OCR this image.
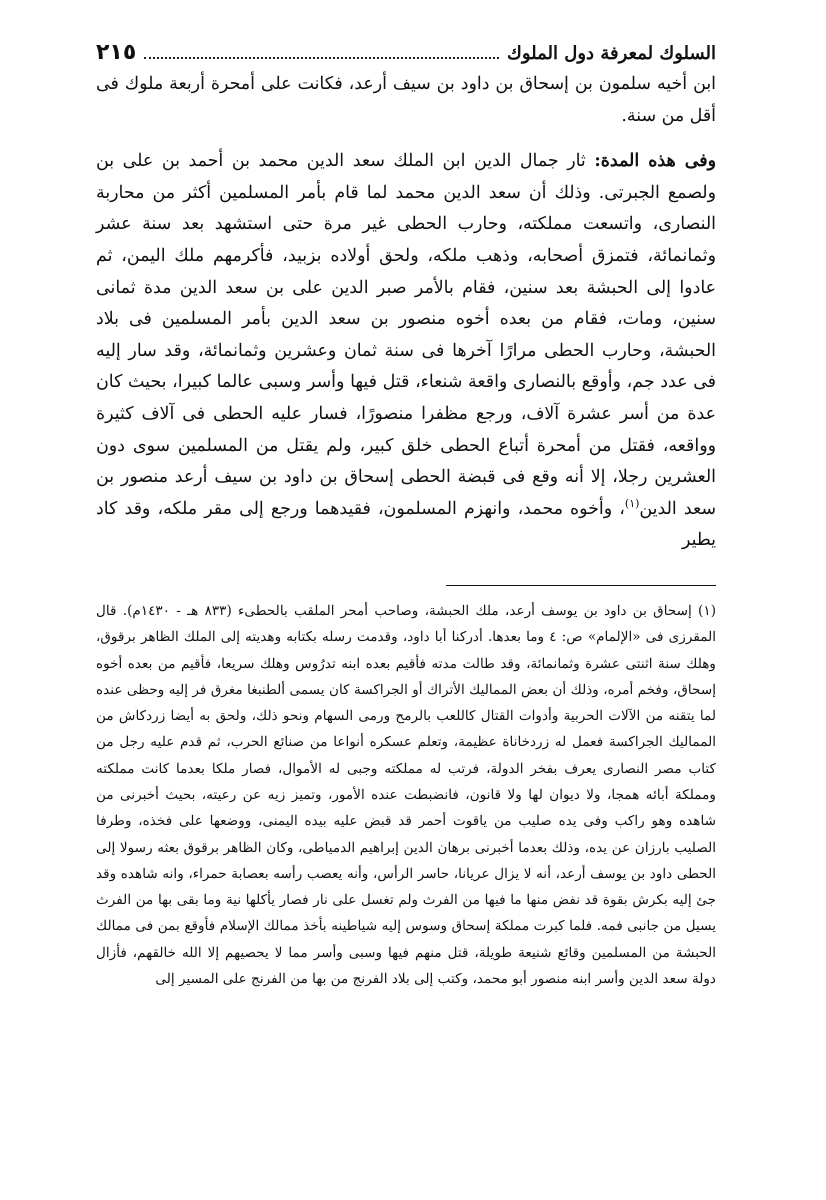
السلوك لمعرفة دول الملوك
٢١٥

ابن أخيه سلمون بن إسحاق بن داود بن سيف أرعد، فكانت على أمحرة أربعة ملوك فى أقل من سنة.

وفى هذه المدة: ثار جمال الدين ابن الملك سعد الدين محمد بن أحمد بن على بن ولصمع الجبرتى. وذلك أن سعد الدين محمد لما قام بأمر المسلمين أكثر من محاربة النصارى، واتسعت مملكته، وحارب الحطى غير مرة حتى استشهد بعد سنة عشر وثمانمائة، فتمزق أصحابه، وذهب ملكه، ولحق أولاده بزبيد، فأكرمهم ملك اليمن، ثم عادوا إلى الحبشة بعد سنين، فقام بالأمر صبر الدين على بن سعد الدين مدة ثمانى سنين، ومات، فقام من بعده أخوه منصور بن سعد الدين بأمر المسلمين فى بلاد الحبشة، وحارب الحطى مرارًا آخرها فى سنة ثمان وعشرين وثمانمائة، وقد سار إليه فى عدد جم، وأوقع بالنصارى واقعة شنعاء، قتل فيها وأسر وسبى عالما كبيرا، بحيث كان عدة من أسر عشرة آلاف، ورجع مظفرا منصورًا، فسار عليه الحطى فى آلاف كثيرة وواقعه، فقتل من أمحرة أتباع الحطى خلق كبير، ولم يقتل من المسلمين سوى دون العشرين رجلا، إلا أنه وقع فى قبضة الحطى إسحاق بن داود بن سيف أرعد منصور بن سعد الدين$^{(١)}$، وأخوه محمد، وانهزم المسلمون، فقيدهما ورجع إلى مقر ملكه، وقد كاد يطير

(١) إسحاق بن داود بن يوسف أرعد، ملك الحبشة، وصاحب أمحر الملقب بالحطىء (٨٣٣ هـ - ١٤٣٠م). قال المقرزى فى «الإلمام» ص: ٤ وما بعدها. أدركنا أبا داود، وقدمت رسله بكتابه وهديته إلى الملك الظاهر برقوق، وهلك سنة اثنتى عشرة وثمانمائة، وقد طالت مدته فأقيم بعده ابنه تدرُوس وهلك سريعا، فأقيم من بعده أخوه إسحاق، وفخم أمره، وذلك أن بعض المماليك الأتراك أو الجراكسة كان يسمى ألطنبغا مغرق فر إليه وحظى عنده لما يتقنه من الآلات الحربية وأدوات القتال كاللعب بالرمح ورمى السهام ونحو ذلك، ولحق به أيضا زردكاش من المماليك الجراكسة فعمل له زردخاناة عظيمة، وتعلم عسكره أنواعا من صنائع الحرب، ثم قدم عليه رجل من كتاب مصر النصارى يعرف بفخر الدولة، فرتب له مملكته وجبى له الأموال، فصار ملكا بعدما كانت مملكته ومملكة أبائه همجا، ولا ديوان لها ولا قانون، فانضبطت عنده الأمور، وتميز زيه عن رعيته، بحيث أخبرنى من شاهده وهو راكب وفى يده صليب من ياقوت أحمر قد قبض عليه بيده اليمنى، ووضعها على فخذه، وطرفا الصليب بارزان عن يده، وذلك بعدما أخبرنى برهان الدين إبراهيم الدمياطى، وكان الظاهر برقوق بعثه رسولا إلى الحطى داود بن يوسف أرعد، أنه لا يزال عريانا، حاسر الرأس، وأنه يعصب رأسه بعصابة حمراء، وانه شاهده وقد جئ إليه بكرش بقوة قد نفض منها ما فيها من الفرث ولم تغسل على نار فصار يأكلها نية وما بقى بها من الفرث يسيل من جانبى فمه. فلما كبرت مملكة إسحاق وسوس إليه شياطينه بأخذ ممالك الإسلام فأوقع بمن فى ممالك الحبشة من المسلمين وقائع شنيعة طويلة، قتل منهم فيها وسبى وأسر مما لا يحصيهم إلا الله خالقهم، فأزال دولة سعد الدين وأسر ابنه منصور أبو محمد، وكتب إلى بلاد الفرنج من بها من الفرنج على المسير إلى
